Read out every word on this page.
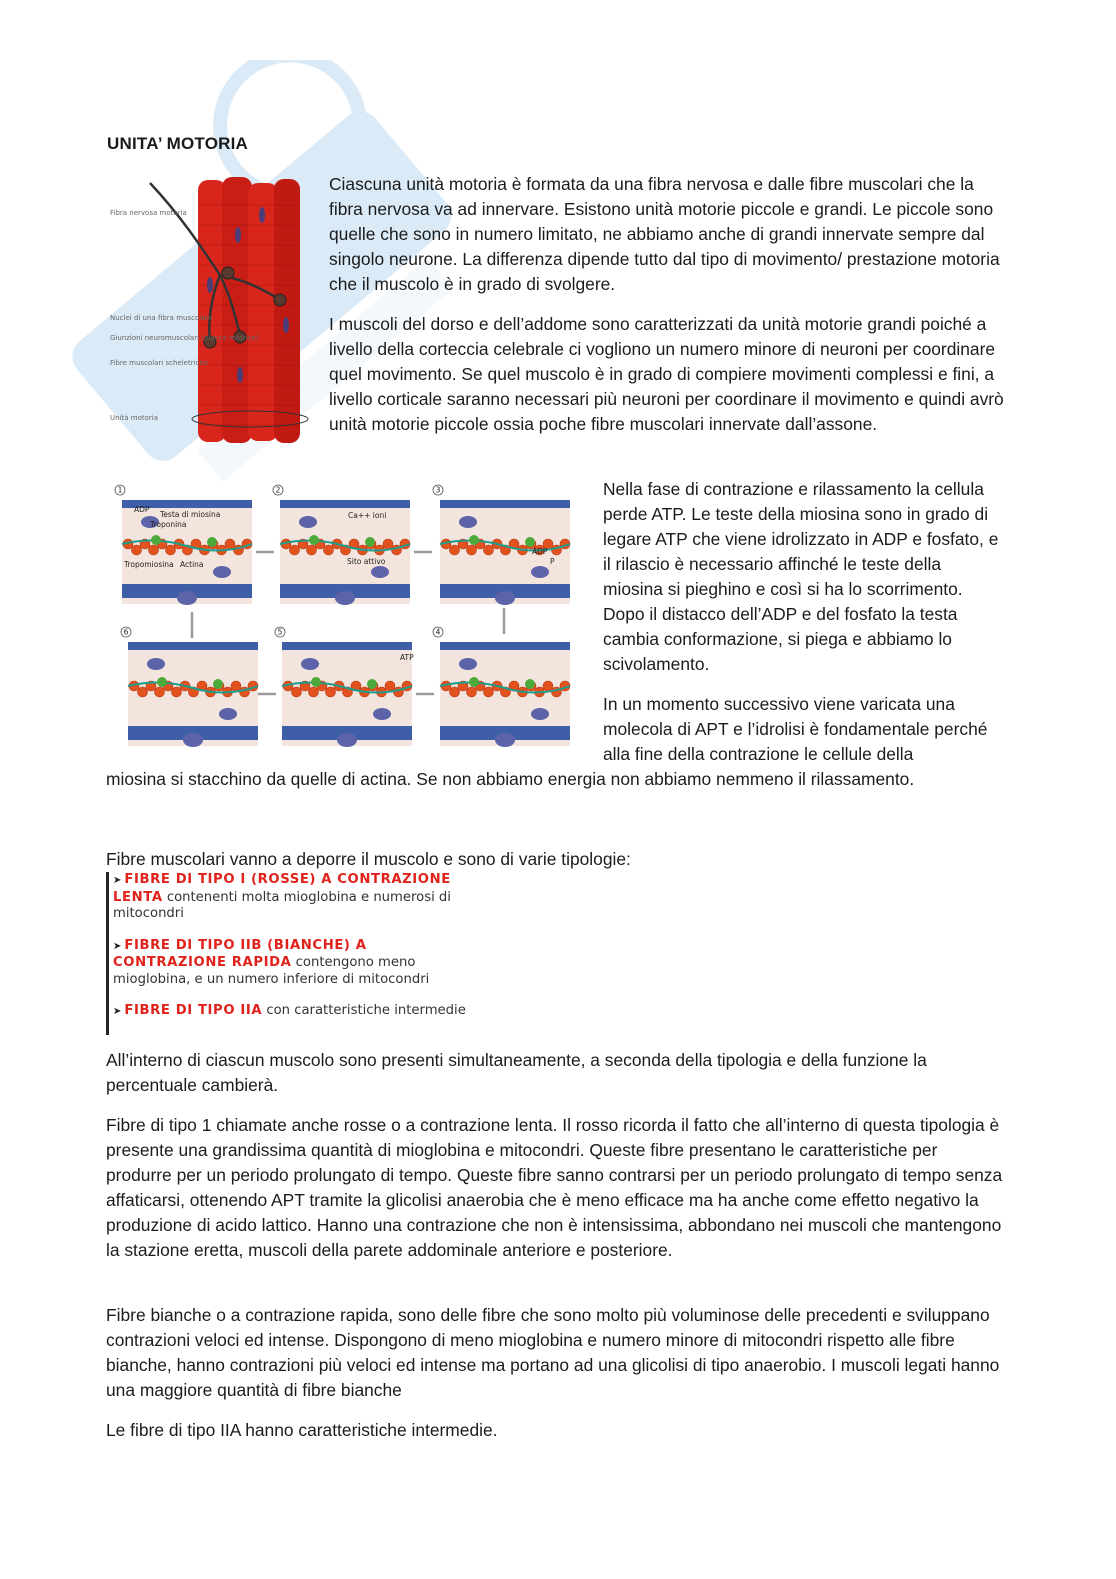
UNITA’ MOTORIA
Fibra nervosa motoria
Nuclei di una fibra muscolare
Giunzioni neuromuscolari (placca motrice)
Fibre muscolari scheletriche
Unità motoria

Ciascuna unità motoria è formata da una fibra nervosa e dalle fibre muscolari che la fibra nervosa va ad innervare. Esistono unità motorie piccole e grandi. Le piccole sono quelle che sono in numero limitato, ne abbiamo anche di grandi innervate sempre dal singolo neurone. La differenza dipende tutto dal tipo di movimento/ prestazione motoria che il muscolo è in grado di svolgere.

I muscoli del dorso e dell’addome sono caratterizzati da unità motorie grandi poiché a livello della corteccia celebrale ci vogliono un numero minore di neuroni per coordinare quel movimento. Se quel muscolo è in grado di compiere movimenti complessi e fini, a livello corticale saranno necessari più neuroni per coordinare il movimento e quindi avrò unità motorie piccole ossia poche fibre muscolari innervate dall’assone.

1	2	3
4
5
6
Testa di miosina
Troponina
Tropomiosina Actina
Ca++ ioni
Sito attivo
ADP
ATP
ADP
P

Nella fase di contrazione e rilassamento la cellula perde ATP. Le teste della miosina sono in grado di legare ATP che viene idrolizzato in ADP e fosfato, e il rilascio è necessario affinché le teste della miosina si pieghino e così si ha lo scorrimento. Dopo il distacco dell’ADP e del fosfato la testa cambia conformazione, si piega e abbiamo lo scivolamento.

In un momento successivo viene varicata una molecola di APT e l’idrolisi è fondamentale perché alla fine della contrazione le cellule della

miosina si stacchino da quelle di actina. Se non abbiamo energia non abbiamo nemmeno il rilassamento.

Fibre muscolari vanno a deporre il muscolo e sono di varie tipologie:

➤ FIBRE DI TIPO I (ROSSE) A CONTRAZIONE LENTA contenenti molta mioglobina e numerosi di mitocondri
➤ FIBRE DI TIPO IIB (BIANCHE) A CONTRAZIONE RAPIDA contengono meno mioglobina, e un numero inferiore di mitocondri
➤ FIBRE DI TIPO IIA con caratteristiche intermedie

All’interno di ciascun muscolo sono presenti simultaneamente, a seconda della tipologia e della funzione la percentuale cambierà.

Fibre di tipo 1 chiamate anche rosse o a contrazione lenta. Il rosso ricorda il fatto che all’interno di questa tipologia è presente una grandissima quantità di mioglobina e mitocondri. Queste fibre presentano le caratteristiche per produrre per un periodo prolungato di tempo. Queste fibre sanno contrarsi per un periodo prolungato di tempo senza affaticarsi, ottenendo APT tramite la glicolisi anaerobia che è meno efficace ma ha anche come effetto negativo la produzione di acido lattico. Hanno una contrazione che non è intensissima, abbondano nei muscoli che mantengono la stazione eretta, muscoli della parete addominale anteriore e posteriore.

Fibre bianche o a contrazione rapida, sono delle fibre che sono molto più voluminose delle precedenti e sviluppano contrazioni veloci ed intense. Dispongono di meno mioglobina e numero minore di mitocondri rispetto alle fibre bianche, hanno contrazioni più veloci ed intense ma portano ad una glicolisi di tipo anaerobio. I muscoli legati hanno una maggiore quantità di fibre bianche

Le fibre di tipo IIA hanno caratteristiche intermedie.
